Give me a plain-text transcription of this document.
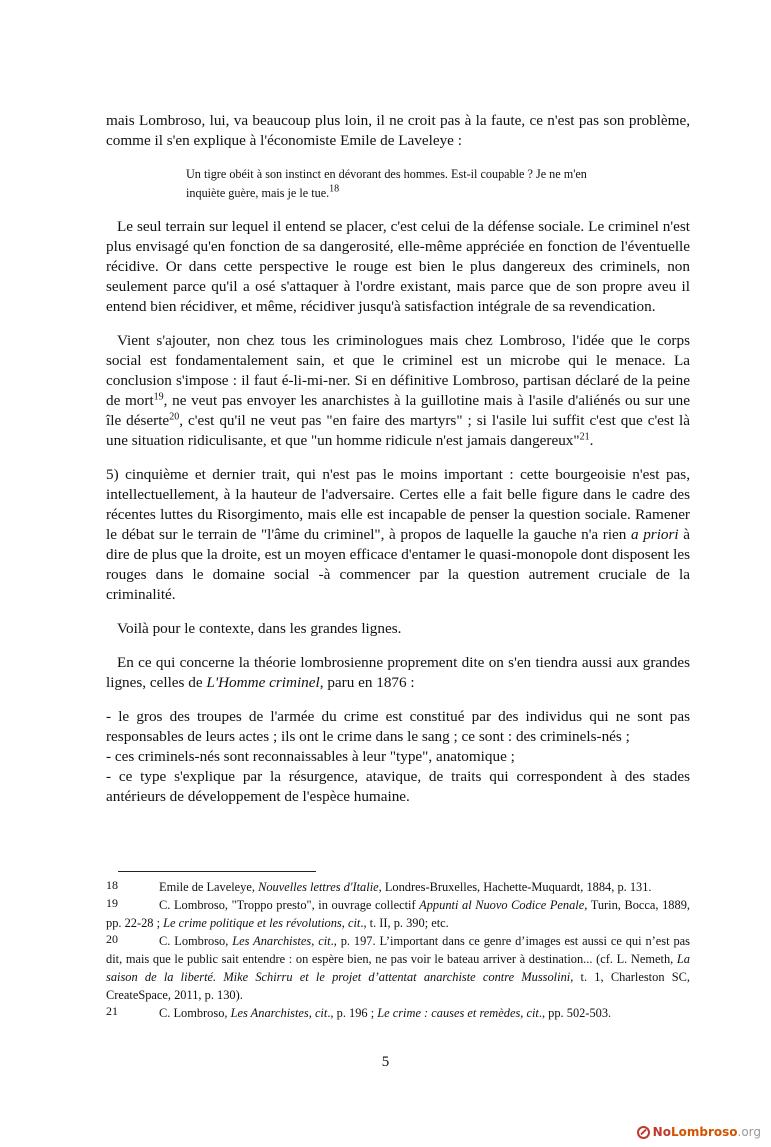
mais Lombroso, lui, va beaucoup plus loin, il ne croit pas à la faute, ce n'est pas son problème, comme il s'en explique à l'économiste Emile de Laveleye :

Un tigre obéit à son instinct en dévorant des hommes. Est-il coupable ? Je ne m'en inquiète guère, mais je le tue.$^{18}$

Le seul terrain sur lequel il entend se placer, c'est celui de la défense sociale. Le criminel n'est plus envisagé qu'en fonction de sa dangerosité, elle-même appréciée en fonction de l'éventuelle récidive. Or dans cette perspective le rouge est bien le plus dangereux des criminels, non seulement parce qu'il a osé s'attaquer à l'ordre existant, mais parce que de son propre aveu il entend bien récidiver, et même, récidiver jusqu'à satisfaction intégrale de sa revendication.

Vient s'ajouter, non chez tous les criminologues mais chez Lombroso, l'idée que le corps social est fondamentalement sain, et que le criminel est un microbe qui le menace. La conclusion s'impose : il faut é-li-mi-ner. Si en définitive Lombroso, partisan déclaré de la peine de mort$^{19}$, ne veut pas envoyer les anarchistes à la guillotine mais à l'asile d'aliénés ou sur une île déserte$^{20}$, c'est qu'il ne veut pas "en faire des martyrs" ; si l'asile lui suffit c'est que c'est là une situation ridiculisante, et que "un homme ridicule n'est jamais dangereux"$^{21}$.

5) cinquième et dernier trait, qui n'est pas le moins important : cette bourgeoisie n'est pas, intellectuellement, à la hauteur de l'adversaire. Certes elle a fait belle figure dans le cadre des récentes luttes du Risorgimento, mais elle est incapable de penser la question sociale. Ramener le débat sur le terrain de "l'âme du criminel", à propos de laquelle la gauche n'a rien a priori à dire de plus que la droite, est un moyen efficace d'entamer le quasi-monopole dont disposent les rouges dans le domaine social -à commencer par la question autrement cruciale de la criminalité.

Voilà pour le contexte, dans les grandes lignes.

En ce qui concerne la théorie lombrosienne proprement dite on s'en tiendra aussi aux grandes lignes, celles de L'Homme criminel, paru en 1876 :

- le gros des troupes de l'armée du crime est constitué par des individus qui ne sont pas responsables de leurs actes ; ils ont le crime dans le sang ; ce sont : des criminels-nés ;

- ces criminels-nés sont reconnaissables à leur "type", anatomique ;

- ce type s'explique par la résurgence, atavique, de traits qui correspondent à des stades antérieurs de développement de l'espèce humaine.

18	Emile de Laveleye, Nouvelles lettres d'Italie, Londres-Bruxelles, Hachette-Muquardt, 1884, p. 131.
19	C. Lombroso, "Troppo presto", in ouvrage collectif Appunti al Nuovo Codice Penale, Turin, Bocca, 1889, pp. 22-28 ; Le crime politique et les révolutions, cit., t. II, p. 390; etc.
20	C. Lombroso, Les Anarchistes, cit., p. 197. L’important dans ce genre d’images est aussi ce qui n’est pas dit, mais que le public sait entendre : on espère bien, ne pas voir le bateau arriver à destination... (cf. L. Nemeth, La saison de la liberté. Mike Schirru et le projet d’attentat anarchiste contre Mussolini, t. 1, Charleston SC, CreateSpace, 2011, p. 130).
21	C. Lombroso, Les Anarchistes, cit., p. 196 ; Le crime : causes et remèdes, cit., pp. 502-503.
5
No Lombroso .org
